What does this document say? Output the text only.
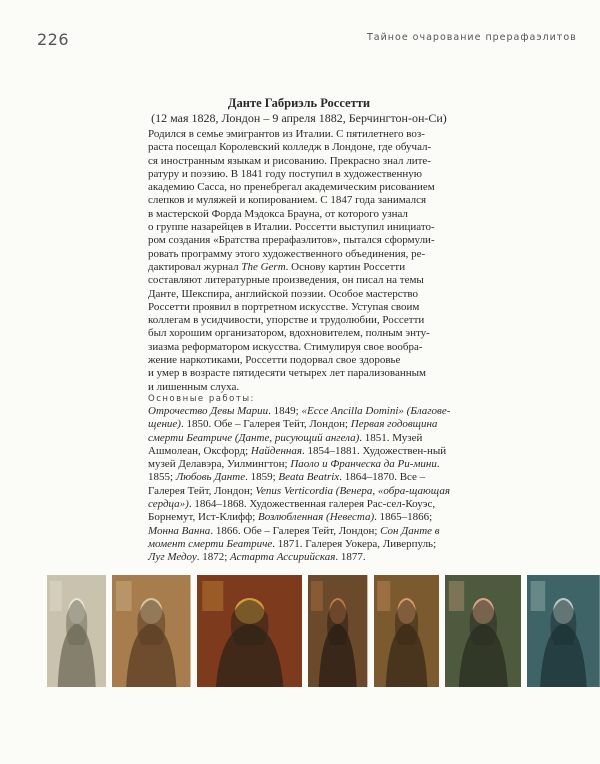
226	Тайное очарование прерафаэлитов
Данте Габриэль Россетти
(12 мая 1828, Лондон – 9 апреля 1882, Берчингтон-он-Си)

Родился в семье эмигрантов из Италии. С пятилетнего воз-

раста посещал Королевский колледж в Лондоне, где обучал-

ся иностранным языкам и рисованию. Прекрасно знал лите-

ратуру и поэзию. В 1841 году поступил в художественную

академию Сасса, но пренебрегал академическим рисованием

слепков и муляжей и копированием. С 1847 года занимался

в мастерской Форда Мэдокса Брауна, от которого узнал

о группе назарейцев в Италии. Россетти выступил инициато-

ром создания «Братства прерафаэлитов», пытался сформули-

ровать программу этого художественного объединения, ре-

дактировал журнал The Germ. Основу картин Россетти

составляют литературные произведения, он писал на темы

Данте, Шекспира, английской поэзии. Особое мастерство

Россетти проявил в портретном искусстве. Уступая своим

коллегам в усидчивости, упорстве и трудолюбии, Россетти

был хорошим организатором, вдохновителем, полным энту-

зиазма реформатором искусства. Стимулируя свое вообра-

жение наркотиками, Россетти подорвал свое здоровье

и умер в возрасте пятидесяти четырех лет парализованным

и лишенным слуха.

Основные работы:
Отрочество Девы Марии. 1849; «Ecce Ancilla Domini» (Благове-щение). 1850. Обе – Галерея Тейт, Лондон; Первая годовщина смерти Беатриче (Данте, рисующий ангела). 1851. Музей Ашмолеан, Оксфорд; Найденная. 1854–1881. Художествен-ный музей Делавэра, Уилмингтон; Паоло и Франческа да Ри-мини. 1855; Любовь Данте. 1859; Beata Beatrix. 1864–1870. Все – Галерея Тейт, Лондон; Venus Verticordia (Венера, «обра-щающая сердца»). 1864–1868. Художественная галерея Рас-сел-Коуэс, Борнемут, Ист-Клифф; Возлюбленная (Невеста). 1865–1866; Монна Ванна. 1866. Обе – Галерея Тейт, Лондон; Сон Данте в момент смерти Беатриче. 1871. Галерея Уокера, Ливерпуль; Луг Медоу. 1872; Астарта Ассирийская. 1877.
